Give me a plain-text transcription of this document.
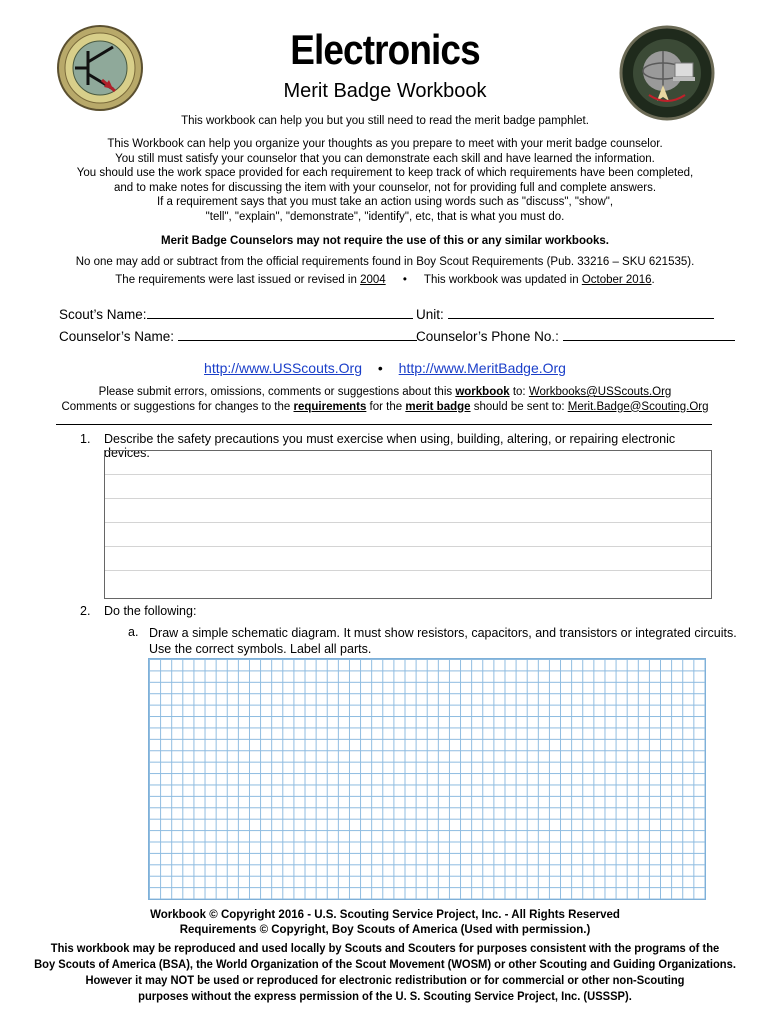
Electronics
Merit Badge Workbook
This workbook can help you but you still need to read the merit badge pamphlet.
This Workbook can help you organize your thoughts as you prepare to meet with your merit badge counselor.
You still must satisfy your counselor that you can demonstrate each skill and have learned the information.
You should use the work space provided for each requirement to keep track of which requirements have been completed,
and to make notes for discussing the item with your counselor, not for providing full and complete answers.
If a requirement says that you must take an action using words such as "discuss", "show",
"tell", "explain", "demonstrate", "identify", etc, that is what you must do.
Merit Badge Counselors may not require the use of this or any similar workbooks.
No one may add or subtract from the official requirements found in Boy Scout Requirements (Pub. 33216 – SKU 621535).
The requirements were last issued or revised in 2004 • This workbook was updated in October 2016.
Scout’s Name:	Unit:
Counselor’s Name:	Counselor’s Phone No.:
http://www.USScouts.Org • http://www.MeritBadge.Org
Please submit errors, omissions, comments or suggestions about this workbook to: Workbooks@USScouts.Org
Comments or suggestions for changes to the requirements for the merit badge should be sent to: Merit.Badge@Scouting.Org
1. Describe the safety precautions you must exercise when using, building, altering, or repairing electronic devices.
2. Do the following:
a. Draw a simple schematic diagram. It must show resistors, capacitors, and transistors or integrated circuits.
Use the correct symbols. Label all parts.
Workbook © Copyright 2016 - U.S. Scouting Service Project, Inc. - All Rights Reserved
Requirements © Copyright, Boy Scouts of America (Used with permission.)
This workbook may be reproduced and used locally by Scouts and Scouters for purposes consistent with the programs of the
Boy Scouts of America (BSA), the World Organization of the Scout Movement (WOSM) or other Scouting and Guiding Organizations.
However it may NOT be used or reproduced for electronic redistribution or for commercial or other non-Scouting
purposes without the express permission of the U. S. Scouting Service Project, Inc. (USSSP).
